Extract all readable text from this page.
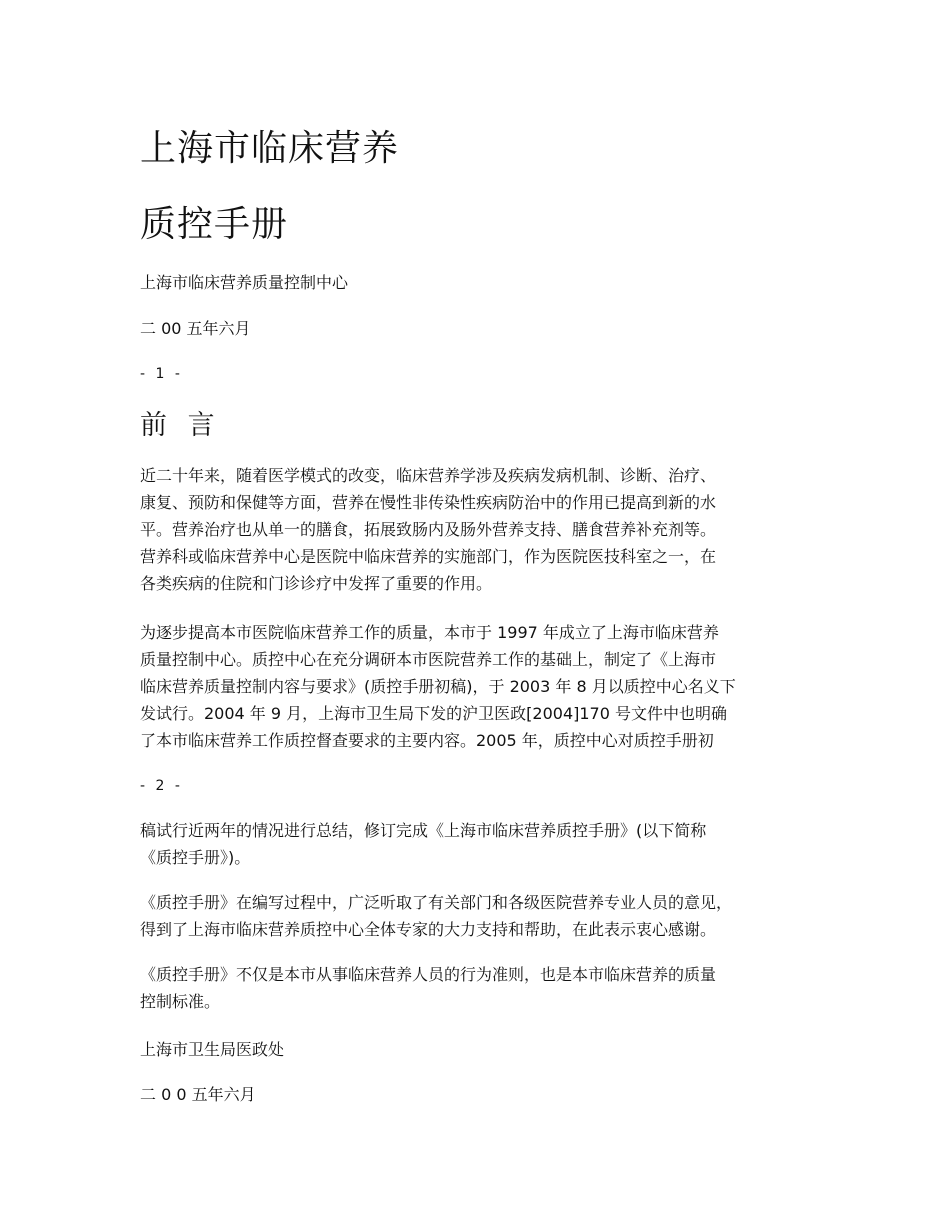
上海市临床营养
质控手册

上海市临床营养质量控制中心

二 00 五年六月

- 1 -
前 言
近二十年来，随着医学模式的改变，临床营养学涉及疾病发病机制、诊断、治疗、
康复、预防和保健等方面，营养在慢性非传染性疾病防治中的作用已提高到新的水
平。营养治疗也从单一的膳食，拓展致肠内及肠外营养支持、膳食营养补充剂等。
营养科或临床营养中心是医院中临床营养的实施部门，作为医院医技科室之一，在
各类疾病的住院和门诊诊疗中发挥了重要的作用。
为逐步提高本市医院临床营养工作的质量，本市于 1997 年成立了上海市临床营养
质量控制中心。质控中心在充分调研本市医院营养工作的基础上，制定了《上海市
临床营养质量控制内容与要求》(质控手册初稿)，于 2003 年 8 月以质控中心名义下
发试行。2004 年 9 月，上海市卫生局下发的沪卫医政[2004]170 号文件中也明确
了本市临床营养工作质控督查要求的主要内容。2005 年，质控中心对质控手册初
- 2 -
稿试行近两年的情况进行总结，修订完成《上海市临床营养质控手册》(以下简称
《质控手册》)。
《质控手册》在编写过程中，广泛听取了有关部门和各级医院营养专业人员的意见，
得到了上海市临床营养质控中心全体专家的大力支持和帮助，在此表示衷心感谢。
《质控手册》不仅是本市从事临床营养人员的行为准则，也是本市临床营养的质量
控制标准。

上海市卫生局医政处

二 0 0 五年六月
